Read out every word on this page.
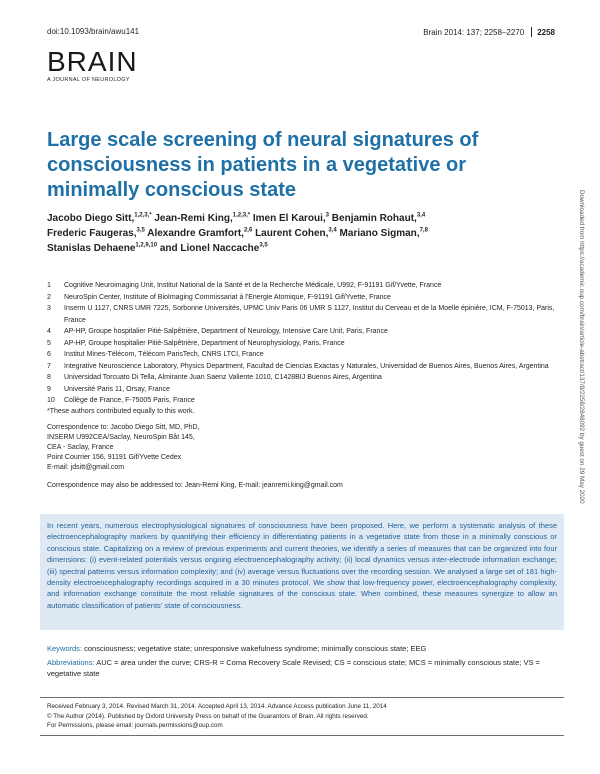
doi:10.1093/brain/awu141	Brain 2014: 137; 2258–2270 2258
BRAIN
A JOURNAL OF NEUROLOGY
Large scale screening of neural signatures of consciousness in patients in a vegetative or minimally conscious state
Jacobo Diego Sitt,$^{1,2,3,*}$ Jean-Remi King,$^{1,2,3,*}$ Imen El Karoui,$^3$ Benjamin Rohaut,$^{3,4}$
Frederic Faugeras,$^{3,5}$ Alexandre Gramfort,$^{2,6}$ Laurent Cohen,$^{3,4}$ Mariano Sigman,$^{7,8}$
Stanislas Dehaene$^{1,2,9,10}$ and Lionel Naccache$^{3,5}$
1 Cognitive Neuroimaging Unit, Institut National de la Santé et de la Recherche Médicale, U992, F-91191 Gif/Yvette, France
2 NeuroSpin Center, Institute of BioImaging Commissariat à l'Energie Atomique, F-91191 Gif/Yvette, France
3 Inserm U 1127, CNRS UMR 7225, Sorbonne Universités, UPMC Univ Paris 06 UMR S 1127, Institut du Cerveau et de la Moelle épinière, ICM, F-75013, Paris, France
4 AP-HP, Groupe hospitalier Pitié-Salpêtrière, Department of Neurology, Intensive Care Unit, Paris, France
5 AP-HP, Groupe hospitalier Pitié-Salpêtrière, Department of Neurophysiology, Paris, France
6 Institut Mines-Télécom, Télécom ParisTech, CNRS LTCI, France
7 Integrative Neuroscience Laboratory, Physics Department, Facultad de Ciencias Exactas y Naturales, Universidad de Buenos Aires, Buenos Aires, Argentina
8 Universidad Torcuato Di Tella, Almirante Juan Saenz Valiente 1010, C1428BIJ Buenos Aires, Argentina
9 Université Paris 11, Orsay, France
10 Collège de France, F-75005 Paris, France
*These authors contributed equally to this work.
Correspondence to: Jacobo Diego Sitt, MD, PhD,
INSERM U992CEA/Saclay, NeuroSpin Bât 145,
CEA - Saclay, France
Point Courrier 156, 91191 Gif/Yvette Cedex
E-mail: jdsitt@gmail.com
Correspondence may also be addressed to: Jean-Remi King, E-mail: jeanremi.king@gmail.com

In recent years, numerous electrophysiological signatures of consciousness have been proposed. Here, we perform a systematic analysis of these electroencephalography markers by quantifying their efficiency in differentiating patients in a vegetative state from those in a minimally conscious or conscious state. Capitalizing on a review of previous experiments and current theories, we identify a series of measures that can be organized into four dimensions: (i) event-related potentials versus ongoing electroencephalography activity; (ii) local dynamics versus inter-electrode information exchange; (iii) spectral patterns versus information complexity; and (iv) average versus fluctuations over the recording session. We analysed a large set of 181 high-density electroencephalography recordings acquired in a 30 minutes protocol. We show that low-frequency power, electroencephalography complexity, and information exchange constitute the most reliable signatures of the conscious state. When combined, these measures synergize to allow an automatic classification of patients' state of consciousness.

Keywords: consciousness; vegetative state; unresponsive wakefulness syndrome; minimally conscious state; EEG
Abbreviations: AUC = area under the curve; CRS-R = Coma Recovery Scale Revised; CS = conscious state; MCS = minimally conscious state; VS = vegetative state
Received February 3, 2014. Revised March 31, 2014. Accepted April 13, 2014. Advance Access publication June 11, 2014
© The Author (2014). Published by Oxford University Press on behalf of the Guarantors of Brain. All rights reserved.
For Permissions, please email: journals.permissions@oup.com
Downloaded from https://academic.oup.com/brain/article-abstract/137/8/2258/2848092 by guest on 29 May 2020
